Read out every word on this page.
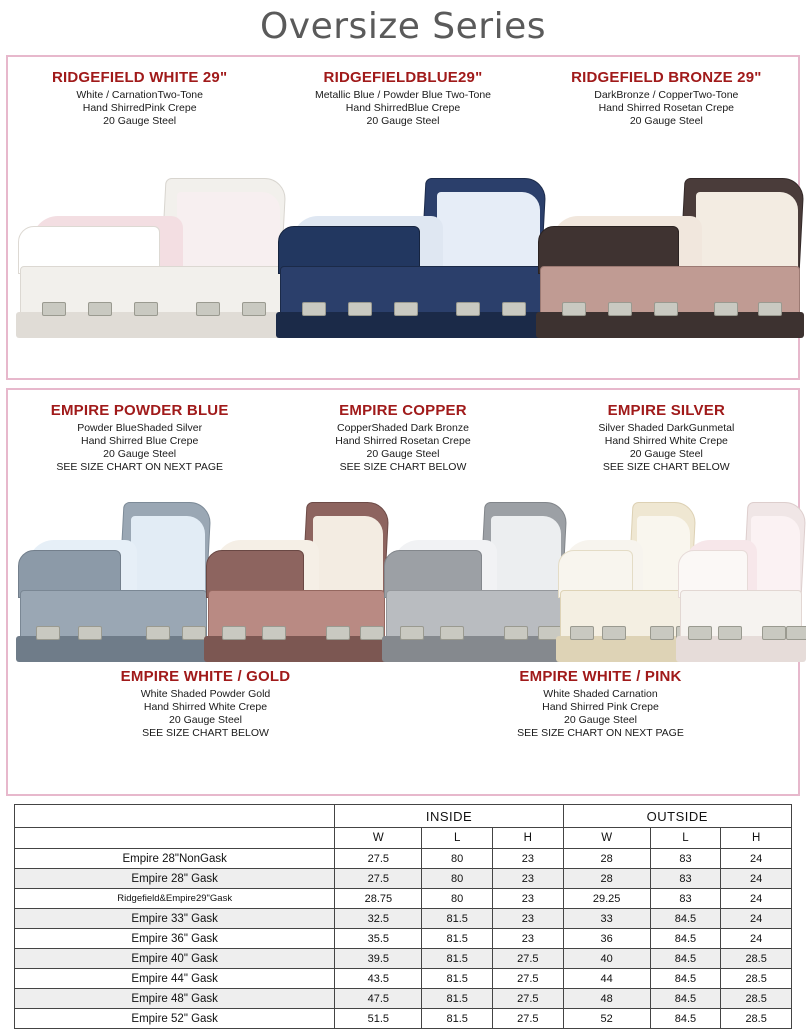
Oversize Series
RIDGEFIELD WHITE 29"
White / CarnationTwo-Tone
Hand ShirredPink Crepe
20 Gauge Steel
RIDGEFIELDBLUE29"
Metallic Blue / Powder Blue Two-Tone
Hand ShirredBlue Crepe
20 Gauge Steel
RIDGEFIELD BRONZE 29"
DarkBronze / CopperTwo-Tone
Hand Shirred Rosetan Crepe
20 Gauge Steel
EMPIRE POWDER BLUE
Powder BlueShaded Silver
Hand Shirred Blue Crepe
20 Gauge Steel
SEE SIZE CHART ON NEXT PAGE
EMPIRE COPPER
CopperShaded Dark Bronze
Hand Shirred Rosetan Crepe
20 Gauge Steel
SEE SIZE CHART BELOW
EMPIRE SILVER
Silver Shaded DarkGunmetal
Hand Shirred White Crepe
20 Gauge Steel
SEE SIZE CHART BELOW
EMPIRE WHITE / GOLD
White Shaded Powder Gold
Hand Shirred White Crepe
20 Gauge Steel
SEE SIZE CHART BELOW
EMPIRE WHITE / PINK
White Shaded Carnation
Hand Shirred Pink Crepe
20 Gauge Steel
SEE SIZE CHART ON NEXT PAGE
	INSIDE			OUTSIDE		
	W	L	H	W	L	H
Empire 28"NonGask	27.5	80	23	28	83	24
Empire 28" Gask	27.5	80	23	28	83	24
Ridgefield&Empire29"Gask	28.75	80	23	29.25	83	24
Empire 33" Gask	32.5	81.5	23	33	84.5	24
Empire 36" Gask	35.5	81.5	23	36	84.5	24
Empire 40" Gask	39.5	81.5	27.5	40	84.5	28.5
Empire 44" Gask	43.5	81.5	27.5	44	84.5	28.5
Empire 48" Gask	47.5	81.5	27.5	48	84.5	28.5
Empire 52" Gask	51.5	81.5	27.5	52	84.5	28.5
